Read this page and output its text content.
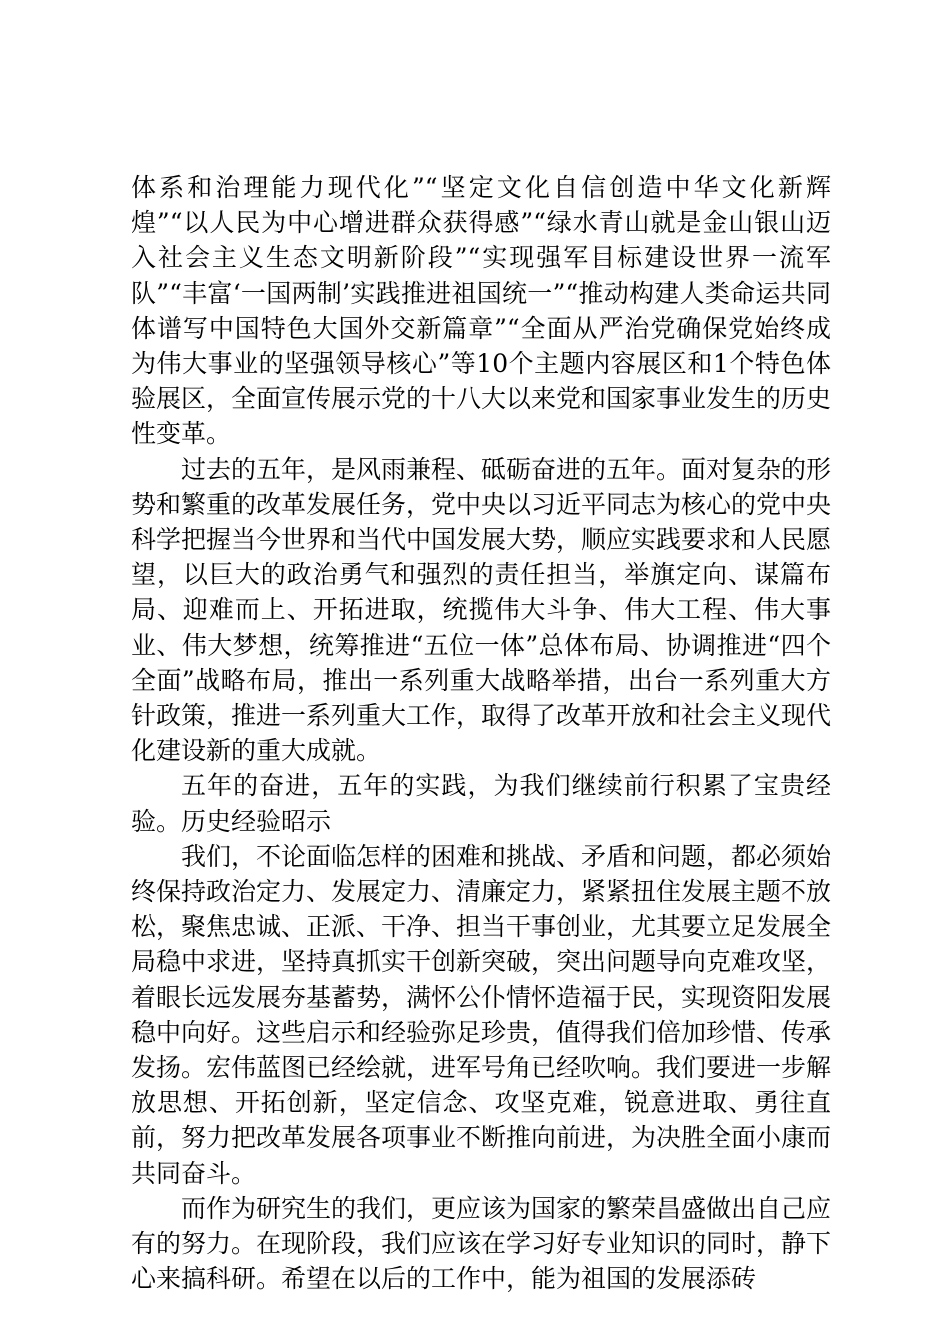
体系和治理能力现代化”“坚定文化自信创造中华文化新辉煌”“以人民为中心增进群众获得感”“绿水青山就是金山银山迈入社会主义生态文明新阶段”“实现强军目标建设世界一流军队”“丰富‘一国两制’实践推进祖国统一”“推动构建人类命运共同体谱写中国特色大国外交新篇章”“全面从严治党确保党始终成为伟大事业的坚强领导核心”等10个主题内容展区和1个特色体验展区，全面宣传展示党的十八大以来党和国家事业发生的历史性变革。

过去的五年，是风雨兼程、砥砺奋进的五年。面对复杂的形势和繁重的改革发展任务，党中央以习近平同志为核心的党中央科学把握当今世界和当代中国发展大势，顺应实践要求和人民愿望，以巨大的政治勇气和强烈的责任担当，举旗定向、谋篇布局、迎难而上、开拓进取，统揽伟大斗争、伟大工程、伟大事业、伟大梦想，统筹推进“五位一体”总体布局、协调推进“四个全面”战略布局，推出一系列重大战略举措，出台一系列重大方针政策，推进一系列重大工作，取得了改革开放和社会主义现代化建设新的重大成就。

五年的奋进，五年的实践，为我们继续前行积累了宝贵经验。历史经验昭示

我们，不论面临怎样的困难和挑战、矛盾和问题，都必须始终保持政治定力、发展定力、清廉定力，紧紧扭住发展主题不放松，聚焦忠诚、正派、干净、担当干事创业，尤其要立足发展全局稳中求进，坚持真抓实干创新突破，突出问题导向克难攻坚，着眼长远发展夯基蓄势，满怀公仆情怀造福于民，实现资阳发展稳中向好。这些启示和经验弥足珍贵，值得我们倍加珍惜、传承发扬。宏伟蓝图已经绘就，进军号角已经吹响。我们要进一步解放思想、开拓创新，坚定信念、攻坚克难，锐意进取、勇往直前，努力把改革发展各项事业不断推向前进，为决胜全面小康而共同奋斗。

而作为研究生的我们，更应该为国家的繁荣昌盛做出自己应有的努力。在现阶段，我们应该在学习好专业知识的同时，静下心来搞科研。希望在以后的工作中，能为祖国的发展添砖
